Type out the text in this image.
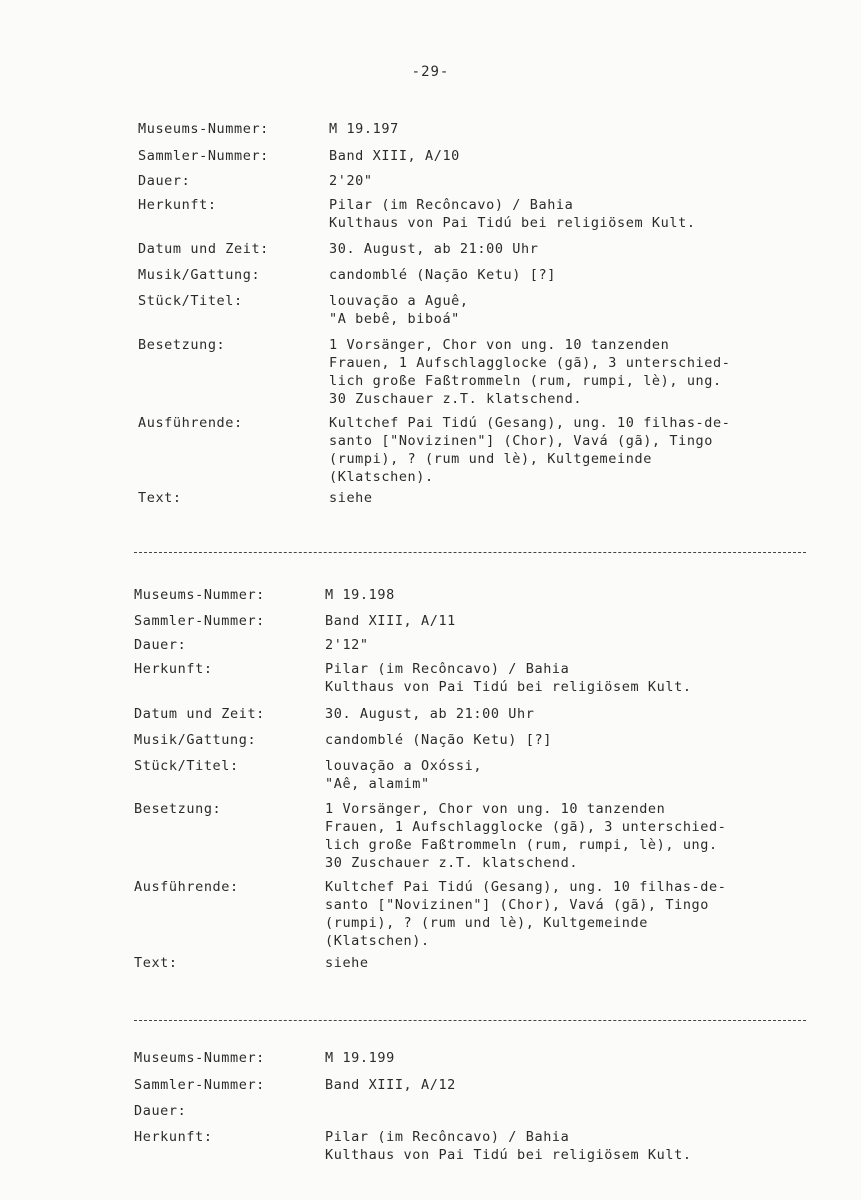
-29-
Museums-Nummer:	M 19.197
Sammler-Nummer:	Band XIII, A/10
Dauer:	2'20"
Herkunft:	Pilar (im Recôncavo) / Bahia
Kulthaus von Pai Tidú bei religiösem Kult.
Datum und Zeit:	30. August, ab 21:00 Uhr
Musik/Gattung:	candomblé (Nação Ketu) [?]
Stück/Titel:	louvação a Aguê,
"A bebê, biboá"
Besetzung:	1 Vorsänger, Chor von ung. 10 tanzenden
Frauen, 1 Aufschlagglocke (gã), 3 unterschied-
lich große Faßtrommeln (rum, rumpi, lè), ung.
30 Zuschauer z.T. klatschend.
Ausführende:	Kultchef Pai Tidú (Gesang), ung. 10 filhas-de-
santo ["Novizinen"] (Chor), Vavá (gã), Tingo
(rumpi), ? (rum und lè), Kultgemeinde
(Klatschen).
Text:	siehe
Museums-Nummer:	M 19.198
Sammler-Nummer:	Band XIII, A/11
Dauer:	2'12"
Herkunft:	Pilar (im Recôncavo) / Bahia
Kulthaus von Pai Tidú bei religiösem Kult.
Datum und Zeit:	30. August, ab 21:00 Uhr
Musik/Gattung:	candomblé (Nação Ketu) [?]
Stück/Titel:	louvação a Oxóssi,
"Aê, alamim"
Besetzung:	1 Vorsänger, Chor von ung. 10 tanzenden
Frauen, 1 Aufschlagglocke (gã), 3 unterschied-
lich große Faßtrommeln (rum, rumpi, lè), ung.
30 Zuschauer z.T. klatschend.
Ausführende:	Kultchef Pai Tidú (Gesang), ung. 10 filhas-de-
santo ["Novizinen"] (Chor), Vavá (gã), Tingo
(rumpi), ? (rum und lè), Kultgemeinde
(Klatschen).
Text:	siehe
Museums-Nummer:	M 19.199
Sammler-Nummer:	Band XIII, A/12
Dauer:
Herkunft:	Pilar (im Recôncavo) / Bahia
Kulthaus von Pai Tidú bei religiösem Kult.
